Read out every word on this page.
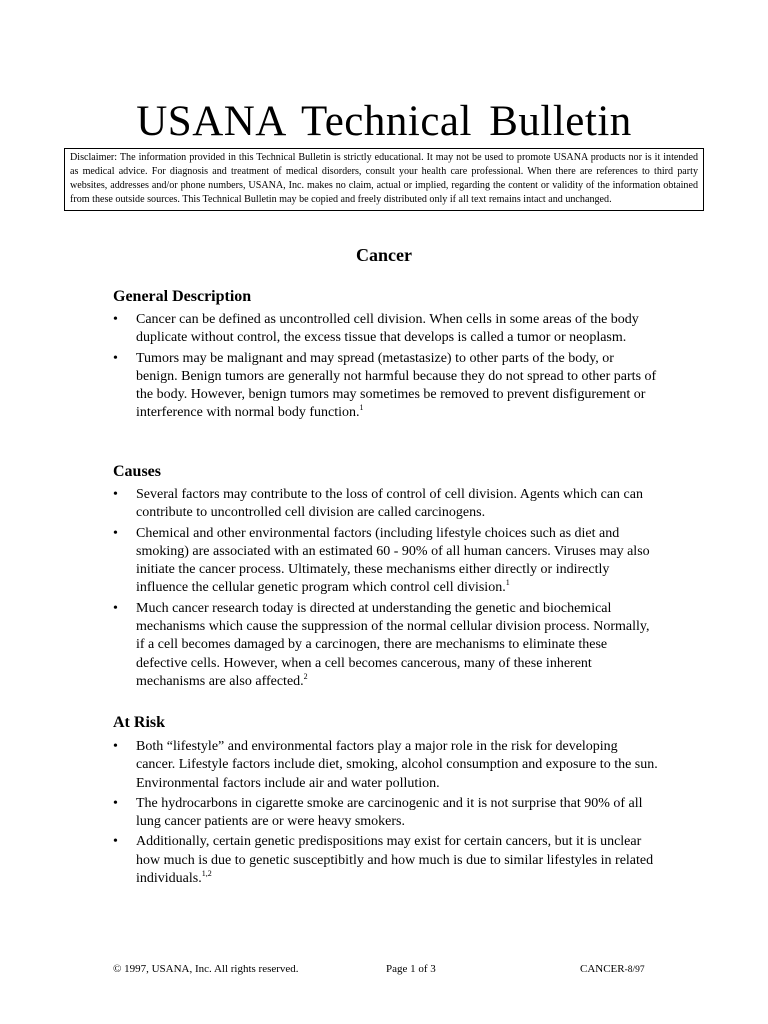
USANA Technical Bulletin
Disclaimer: The information provided in this Technical Bulletin is strictly educational. It may not be used to promote USANA products nor is it intended as medical advice. For diagnosis and treatment of medical disorders, consult your health care professional. When there are references to third party websites, addresses and/or phone numbers, USANA, Inc. makes no claim, actual or implied, regarding the content or validity of the information obtained from these outside sources. This Technical Bulletin may be copied and freely distributed only if all text remains intact and unchanged.
Cancer
General Description
• Cancer can be defined as uncontrolled cell division. When cells in some areas of the body duplicate without control, the excess tissue that develops is called a tumor or neoplasm.
• Tumors may be malignant and may spread (metastasize) to other parts of the body, or benign. Benign tumors are generally not harmful because they do not spread to other parts of the body. However, benign tumors may sometimes be removed to prevent disfigurement or interference with normal body function.$^1$
Causes
• Several factors may contribute to the loss of control of cell division. Agents which can can contribute to uncontrolled cell division are called carcinogens.
• Chemical and other environmental factors (including lifestyle choices such as diet and smoking) are associated with an estimated 60 - 90% of all human cancers. Viruses may also initiate the cancer process. Ultimately, these mechanisms either directly or indirectly influence the cellular genetic program which control cell division.$^1$
• Much cancer research today is directed at understanding the genetic and biochemical mechanisms which cause the suppression of the normal cellular division process. Normally, if a cell becomes damaged by a carcinogen, there are mechanisms to eliminate these defective cells. However, when a cell becomes cancerous, many of these inherent mechanisms are also affected.$^2$
At Risk
• Both “lifestyle” and environmental factors play a major role in the risk for developing cancer. Lifestyle factors include diet, smoking, alcohol consumption and exposure to the sun. Environmental factors include air and water pollution.
• The hydrocarbons in cigarette smoke are carcinogenic and it is not surprise that 90% of all lung cancer patients are or were heavy smokers.
• Additionally, certain genetic predispositions may exist for certain cancers, but it is unclear how much is due to genetic susceptibitly and how much is due to similar lifestyles in related individuals.$^{1,2}$
© 1997, USANA, Inc. All rights reserved.	Page 1 of 3	CANCER-8/97
